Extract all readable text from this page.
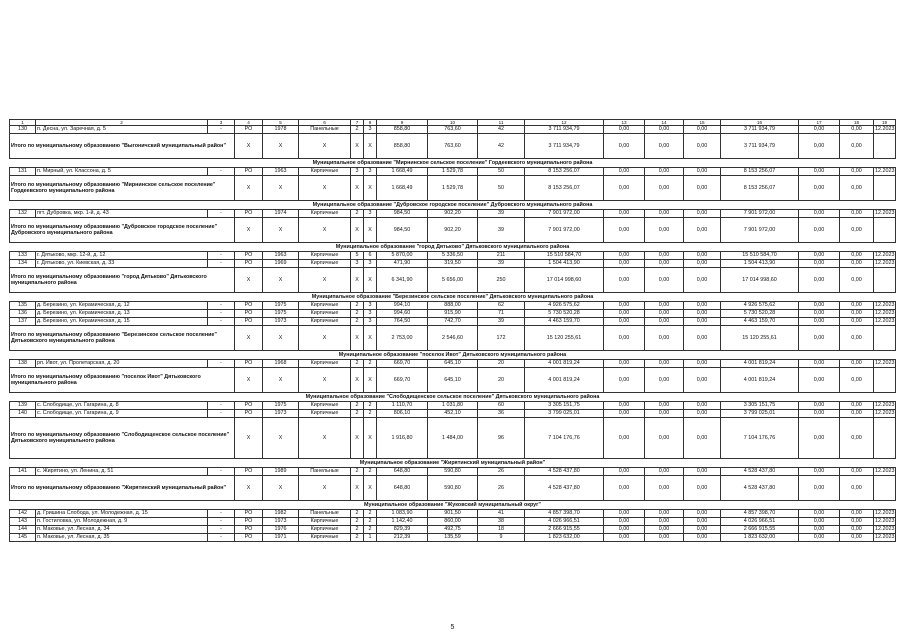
1	2	3	4	5	6	7	8	9	10	11	12	13	14	15	16	17	18	19
130	п. Десна, ул. Заречная, д. 5	-	РО	1978	Панельные	2	3	858,80	763,60	42	3 711 934,79	0,00	0,00	0,00	3 711 934,79	0,00	0,00	12.2023
Итого по муниципальному образованию "Выгоничский муниципальный район"			X	X	X	X	X	858,80	763,60	42	3 711 934,79	0,00	0,00	0,00	3 711 934,79	0,00	0,00	
Муниципальное образование "Мирнинское сельское поселение" Гордеевского муниципального района																		
131	п. Мирный, ул. Классона, д. 5	-	РО	1963	Кирпичные	3	3	1 668,49	1 529,78	50	8 153 256,07	0,00	0,00	0,00	8 153 256,07	0,00	0,00	12.2023
Итого по муниципальному образованию "Мирнинское сельское поселение" Гордеевского муниципального района			X	X	X	X	X	1 668,49	1 529,78	50	8 153 256,07	0,00	0,00	0,00	8 153 256,07	0,00	0,00	
Муниципальное образование "Дубровское городское поселение" Дубровского муниципального района																		
132	пгт. Дубровка, мкр. 1-й, д. 43	-	РО	1974	Кирпичные	2	3	984,50	902,20	39	7 901 972,00	0,00	0,00	0,00	7 901 972,00	0,00	0,00	12.2023
Итого по муниципальному образованию "Дубровское городское поселение" Дубровского муниципального района			X	X	X	X	X	984,50	902,20	39	7 901 972,00	0,00	0,00	0,00	7 901 972,00	0,00	0,00	
Муниципальное образование "город Дятьково" Дятьковского муниципального района																		
133	г. Дятьково, мкр. 12-й, д. 12	-	РО	1963	Кирпичные	5	6	5 870,00	5 336,50	211	15 510 584,70	0,00	0,00	0,00	15 510 584,70	0,00	0,00	12.2023
134	г. Дятьково, ул. Киевская, д. 33	-	РО	1969	Кирпичные	3	3	471,90	319,50	39	1 504 413,90	0,00	0,00	0,00	1 504 413,90	0,00	0,00	12.2023
Итого по муниципальному образованию "город Дятьково" Дятьковского муниципального района			X	X	X	X	X	6 341,90	5 656,00	250	17 014 998,60	0,00	0,00	0,00	17 014 998,60	0,00	0,00	
Муниципальное образование "Березинское сельское поселение" Дятьковского муниципального района																		
135	д. Березино, ул. Керамическая, д. 12	-	РО	1975	Кирпичные	2	3	994,10	888,00	62	4 926 575,62	0,00	0,00	0,00	4 926 575,62	0,00	0,00	12.2023
136	д. Березино, ул. Керамическая, д. 13	-	РО	1975	Кирпичные	2	3	994,60	915,90	71	5 730 520,28	0,00	0,00	0,00	5 730 520,28	0,00	0,00	12.2023
137	д. Березино, ул. Керамическая, д. 15	-	РО	1973	Кирпичные	2	3	764,50	742,70	39	4 463 159,70	0,00	0,00	0,00	4 463 159,70	0,00	0,00	12.2023
Итого по муниципальному образованию "Березинское сельское поселение" Дятьковского муниципального района			X	X	X	X	X	2 753,00	2 546,60	172	15 120 255,61	0,00	0,00	0,00	15 120 255,61	0,00	0,00	
Муниципальное образование "поселок Ивот" Дятьковского муниципального района																		
138	рп. Ивот, ул. Пролетарская, д. 20	-	РО	1968	Кирпичные	2	2	669,70	645,10	20	4 001 819,24	0,00	0,00	0,00	4 001 819,24	0,00	0,00	12.2023
Итого по муниципальному образованию "поселок Ивот" Дятьковского муниципального района			X	X	X	X	X	669,70	645,10	20	4 001 819,24	0,00	0,00	0,00	4 001 819,24	0,00	0,00	
Муниципальное образование "Слободищенское сельское поселение" Дятьковского муниципального района																		
139	с. Слободище, ул. Гагарина, д. 8	-	РО	1975	Кирпичные	2	2	1 110,70	1 031,80	60	3 305 151,75	0,00	0,00	0,00	3 305 151,75	0,00	0,00	12.2023
140	с. Слободище, ул. Гагарина, д. 9	-	РО	1973	Кирпичные	2	2	806,10	452,10	36	3 799 025,01	0,00	0,00	0,00	3 799 025,01	0,00	0,00	12.2023
Итого по муниципальному образованию "Слободищенское сельское поселение" Дятьковского муниципального района			X	X	X	X	X	1 916,80	1 484,00	96	7 104 176,76	0,00	0,00	0,00	7 104 176,76	0,00	0,00	
Муниципальное образование "Жирятинский муниципальный район"																		
141	с. Жирятино, ул. Ленина, д. 51	-	РО	1989	Панельные	2	2	648,80	590,80	26	4 528 437,80	0,00	0,00	0,00	4 528 437,80	0,00	0,00	12.2023
Итого по муниципальному образованию "Жирятинский муниципальный район"			X	X	X	X	X	648,80	590,80	26	4 528 437,80	0,00	0,00	0,00	4 528 437,80	0,00	0,00	
Муниципальное образование "Жуковский муниципальный округ"																		
142	д. Гришина Слобода, ул. Молодежная, д. 15	-	РО	1982	Панельные	2	2	1 083,90	901,50	41	4 857 398,70	0,00	0,00	0,00	4 857 398,70	0,00	0,00	12.2023
143	п. Гостиловка, ул. Молодежная, д. 9	-	РО	1973	Кирпичные	2	2	1 142,40	860,00	38	4 026 966,51	0,00	0,00	0,00	4 026 966,51	0,00	0,00	12.2023
144	п. Маковье, ул. Лесная, д. 34	-	РО	1976	Кирпичные	2	2	829,39	492,75	18	2 666 915,55	0,00	0,00	0,00	2 666 915,55	0,00	0,00	12.2023
145	п. Маковье, ул. Лесная, д. 35	-	РО	1971	Кирпичные	2	1	212,39	135,59	9	1 823 632,00	0,00	0,00	0,00	1 823 632,00	0,00	0,00	12.2023
5
